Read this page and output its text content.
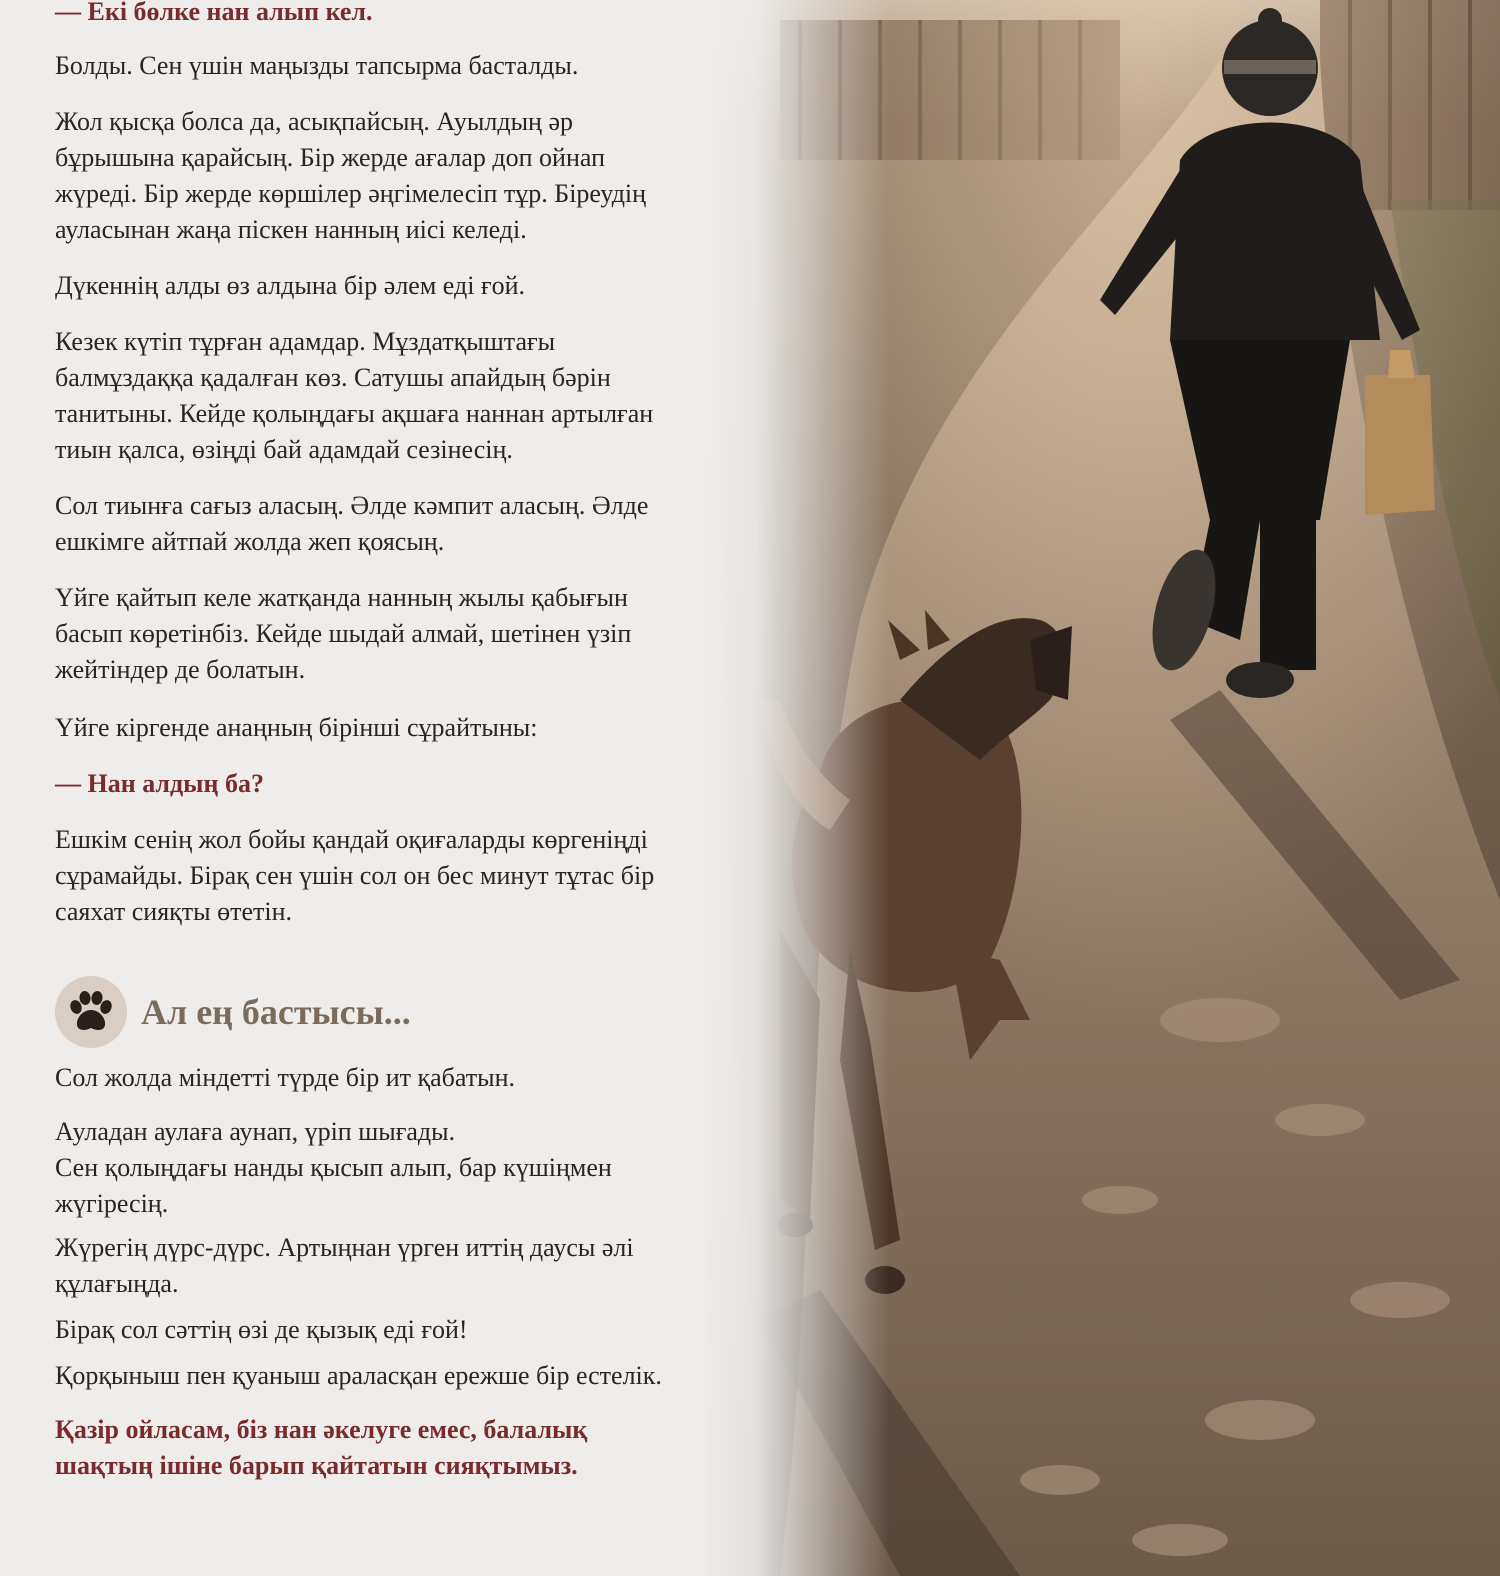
— Екі бөлке нан алып кел.

Болды. Сен үшін маңызды тапсырма басталды.

Жол қысқа болса да, асықпайсың. Ауылдың әр
бұрышына қарайсың. Бір жерде ағалар доп ойнап
жүреді. Бір жерде көршілер әңгімелесіп тұр. Біреудің
ауласынан жаңа піскен нанның иісі келеді.

Дүкеннің алды өз алдына бір әлем еді ғой.

Кезек күтіп тұрған адамдар. Мұздатқыштағы
балмұздаққа қадалған көз. Сатушы апайдың бәрін
танитыны. Кейде қолыңдағы ақшаға наннан артылған
тиын қалса, өзіңді бай адамдай сезінесің.
Сол тиынға сағыз аласың. Әлде кәмпит аласың. Әлде
ешкімге айтпай жолда жеп қоясың.
Үйге қайтып келе жатқанда нанның жылы қабығын
басып көретінбіз. Кейде шыдай алмай, шетінен үзіп
жейтіндер де болатын.

Үйге кіргенде анаңның бірінші сұрайтыны:

— Нан алдың ба?

Ешкім сенің жол бойы қандай оқиғаларды көргеніңді
сұрамайды. Бірақ сен үшін сол он бес минут тұтас бір
саяхат сияқты өтетін.
Ал ең бастысы...

Сол жолда міндетті түрде бір ит қабатын.

Ауладан аулаға аунап, үріп шығады.
Сен қолыңдағы нанды қысып алып, бар күшіңмен
жүгіресің.
Жүрегің дүрс-дүрс. Артыңнан үрген иттің даусы әлі
құлағыңда.

Бірақ сол сәттің өзі де қызық еді ғой!

Қорқыныш пен қуаныш араласқан ережше бір естелік.

Қазір ойласам, біз нан әкелуге емес, балалық
шақтың ішіне барып қайтатын сияқтымыз.
